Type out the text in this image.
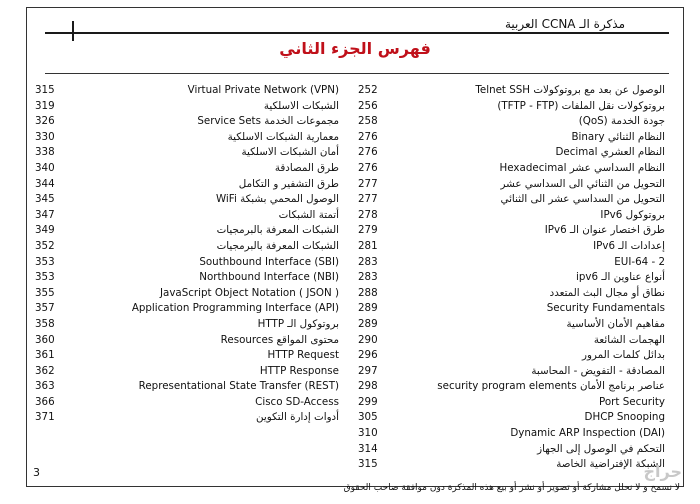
مذكرة الـ CCNA العربية
فهرس الجزء الثاني
315	Virtual Private Network (VPN)
319	الشبكات الاسلكية
326	مجموعات الخدمة Service Sets
330	معمارية الشبكات الاسلكية
338	أمان الشبكات الاسلكية
340	طرق المصادقة
344	طرق التشفير و التكامل
345	الوصول المحمي بشبكة WiFi
347	أتمتة الشبكات
349	الشبكات المعرفة بالبرمجيات
352	الشبكات المعرفة بالبرمجيات
353	Southbound Interface (SBI)
353	Northbound Interface (NBI)
355	JavaScript Object Notation ( JSON )
357	Application Programming Interface (API)
358	بروتوكول الـ HTTP
360	محتوى المواقع Resources
361	HTTP Request
362	HTTP Response
363	Representational State Transfer (REST)
366	Cisco SD-Access
371	أدوات إدارة التكوين
252	الوصول عن بعد مع بروتوكولات Telnet SSH
256	بروتوكولات نقل الملفات (TFTP - FTP)
258	جودة الخدمة (QoS)
276	النظام الثنائي Binary
276	النظام العشري Decimal
276	النظام السداسي عشر Hexadecimal
277	التحويل من الثنائي الى السداسي عشر
277	التحويل من السداسي عشر الى الثنائي
278	بروتوكول IPv6
279	طرق اختصار عنوان الـ IPv6
281	إعدادات الـ IPv6
283	EUI-64 - 2
283	أنواع عناوين الـ ipv6
288	نطاق أو مجال البث المتعدد
289	Security Fundamentals
289	مفاهيم الأمان الأساسية
290	الهجمات الشائعة
296	بدائل كلمات المرور
297	المصادقة - التفويض - المحاسبة
298	عناصر برنامج الأمان security program elements
299	Port Security
305	DHCP Snooping
310	Dynamic ARP Inspection (DAI)
314	التحكم في الوصول إلى الجهاز
315	الشبكة الإفتراضية الخاصة
3	حراج
لا نسمح و لا نحلل مشاركة أو تصوير أو نشر أو بيع هذه المذكرة دون موافقة صاحب الحقوق
